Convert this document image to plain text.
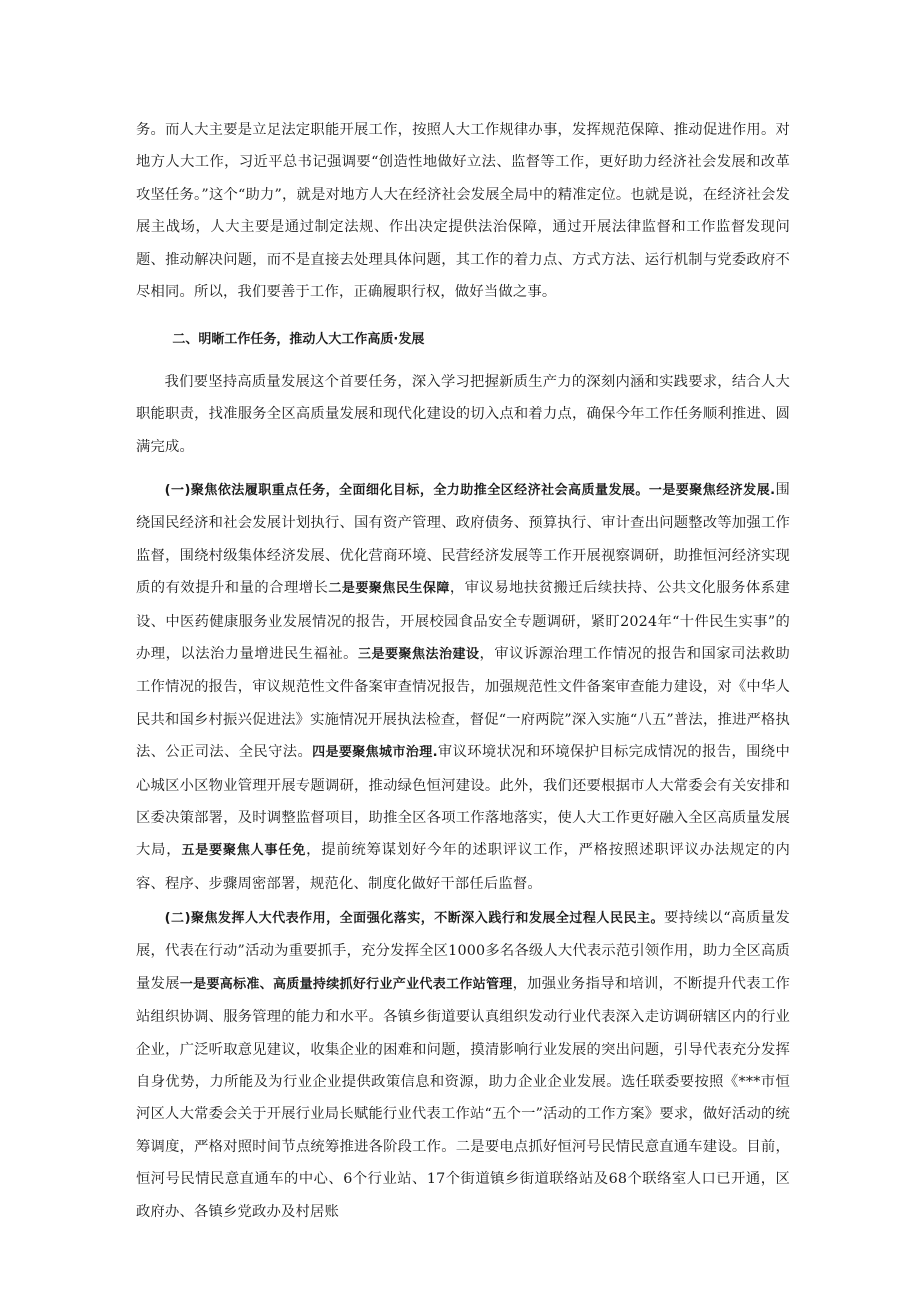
务。而人大主要是立足法定职能开展工作，按照人大工作规律办事，发挥规范保障、推动促进作用。对地方人大工作，习近平总书记强调要“创造性地做好立法、监督等工作，更好助力经济社会发展和改革攻坚任务。”这个“助力”，就是对地方人大在经济社会发展全局中的精准定位。也就是说，在经济社会发展主战场，人大主要是通过制定法规、作出决定提供法治保障，通过开展法律监督和工作监督发现问题、推动解决问题，而不是直接去处理具体问题，其工作的着力点、方式方法、运行机制与党委政府不尽相同。所以，我们要善于工作，正确履职行权，做好当做之事。

二、明晰工作任务，推动人大工作高质·发展

我们要坚持高质量发展这个首要任务，深入学习把握新质生产力的深刻内涵和实践要求，结合人大职能职责，找准服务全区高质量发展和现代化建设的切入点和着力点，确保今年工作任务顺利推进、圆满完成。

(一)聚焦依法履职重点任务，全面细化目标，全力助推全区经济社会高质量发展。一是要聚焦经济发展.围绕国民经济和社会发展计划执行、国有资产管理、政府债务、预算执行、审计查出问题整改等加强工作监督，围绕村级集体经济发展、优化营商环境、民营经济发展等工作开展视察调研，助推恒河经济实现质的有效提升和量的合理增长二是要聚焦民生保障，审议易地扶贫搬迁后续扶持、公共文化服务体系建设、中医药健康服务业发展情况的报告，开展校园食品安全专题调研，紧盯2024年“十件民生实事”的办理，以法治力量增进民生福祉。三是要聚焦法治建设，审议诉源治理工作情况的报告和国家司法救助工作情况的报告，审议规范性文件备案审查情况报告，加强规范性文件备案审查能力建设，对《中华人民共和国乡村振兴促进法》实施情况开展执法检查，督促“一府两院”深入实施“八五”普法，推进严格执法、公正司法、全民守法。四是要聚焦城市治理.审议环境状况和环境保护目标完成情况的报告，围绕中心城区小区物业管理开展专题调研，推动绿色恒河建设。此外，我们还要根据市人大常委会有关安排和区委决策部署，及时调整监督项目，助推全区各项工作落地落实，使人大工作更好融入全区高质量发展大局，五是要聚焦人事任免，提前统筹谋划好今年的述职评议工作，严格按照述职评议办法规定的内容、程序、步骤周密部署，规范化、制度化做好干部任后监督。

(二)聚焦发挥人大代表作用，全面强化落实，不断深入践行和发展全过程人民民主。要持续以“高质量发展，代表在行动”活动为重要抓手，充分发挥全区1000多名各级人大代表示范引领作用，助力全区高质量发展一是要高标准、高质量持续抓好行业产业代表工作站管理，加强业务指导和培训，不断提升代表工作站组织协调、服务管理的能力和水平。各镇乡街道要认真组织发动行业代表深入走访调研辖区内的行业企业，广泛听取意见建议，收集企业的困难和问题，摸清影响行业发展的突出问题，引导代表充分发挥自身优势，力所能及为行业企业提供政策信息和资源，助力企业企业发展。选任联委要按照《***市恒河区人大常委会关于开展行业局长赋能行业代表工作站“五个一”活动的工作方案》要求，做好活动的统筹调度，严格对照时间节点统筹推进各阶段工作。二是要电点抓好恒河号民情民意直通车建设。目前，恒河号民情民意直通车的中心、6个行业站、17个街道镇乡街道联络站及68个联络室人口已开通，区政府办、各镇乡党政办及村居账
